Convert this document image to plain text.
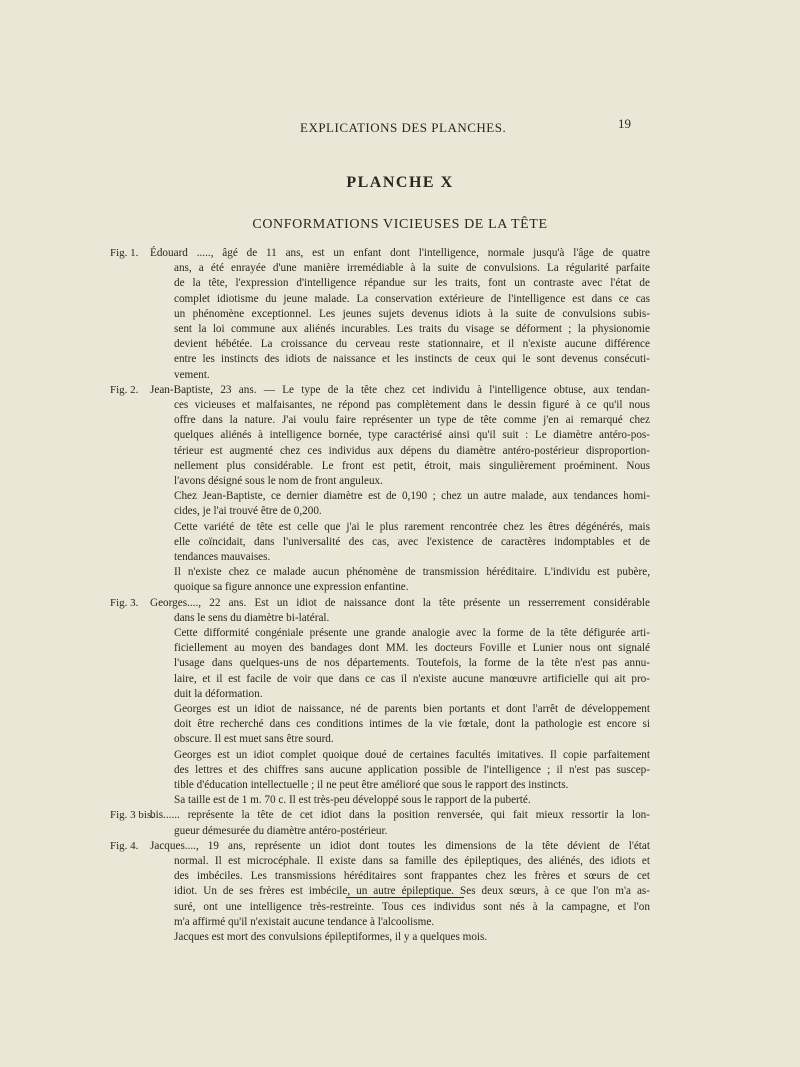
EXPLICATIONS DES PLANCHES.	19
PLANCHE X
CONFORMATIONS VICIEUSES DE LA TÊTE
Fig. 1. Édouard ....., âgé de 11 ans, est un enfant dont l'intelligence, normale jusqu'à l'âge de quatre
ans, a été enrayée d'une manière irremédiable à la suite de convulsions. La régularité parfaite
de la tête, l'expression d'intelligence répandue sur les traits, font un contraste avec l'état de
complet idiotisme du jeune malade. La conservation extérieure de l'intelligence est dans ce cas
un phénomène exceptionnel. Les jeunes sujets devenus idiots à la suite de convulsions subis-
sent la loi commune aux aliénés incurables. Les traits du visage se déforment ; la physionomie
devient hébétée. La croissance du cerveau reste stationnaire, et il n'existe aucune différence
entre les instincts des idiots de naissance et les instincts de ceux qui le sont devenus consécuti-
vement.
Fig. 2. Jean-Baptiste, 23 ans. — Le type de la tête chez cet individu à l'intelligence obtuse, aux tendan-
ces vicieuses et malfaisantes, ne répond pas complètement dans le dessin figuré à ce qu'il nous
offre dans la nature. J'ai voulu faire représenter un type de tête comme j'en ai remarqué chez
quelques aliénés à intelligence bornée, type caractérisé ainsi qu'il suit : Le diamètre antéro-pos-
térieur est augmenté chez ces individus aux dépens du diamètre antéro-postérieur disproportion-
nellement plus considérable. Le front est petit, étroit, mais singulièrement proéminent. Nous
l'avons désigné sous le nom de front anguleux.
Chez Jean-Baptiste, ce dernier diamètre est de 0,190 ; chez un autre malade, aux tendances homi-
cides, je l'ai trouvé être de 0,200.
Cette variété de tête est celle que j'ai le plus rarement rencontrée chez les êtres dégénérés, mais
elle coïncidait, dans l'universalité des cas, avec l'existence de caractères indomptables et de
tendances mauvaises.
Il n'existe chez ce malade aucun phénomène de transmission héréditaire. L'individu est pubère,
quoique sa figure annonce une expression enfantine.
Fig. 3. Georges...., 22 ans. Est un idiot de naissance dont la tête présente un resserrement considérable
dans le sens du diamètre bi-latéral.
Cette difformité congéniale présente une grande analogie avec la forme de la tête défigurée arti-
ficiellement au moyen des bandages dont MM. les docteurs Foville et Lunier nous ont signalé
l'usage dans quelques-uns de nos départements. Toutefois, la forme de la tête n'est pas annu-
laire, et il est facile de voir que dans ce cas il n'existe aucune manœuvre artificielle qui ait pro-
duit la déformation.
Georges est un idiot de naissance, né de parents bien portants et dont l'arrêt de développement
doit être recherché dans ces conditions intimes de la vie fœtale, dont la pathologie est encore si
obscure. Il est muet sans être sourd.
Georges est un idiot complet quoique doué de certaines facultés imitatives. Il copie parfaitement
des lettres et des chiffres sans aucune application possible de l'intelligence ; il n'est pas suscep-
tible d'éducation intellectuelle ; il ne peut être amélioré que sous le rapport des instincts.
Sa taille est de 1 m. 70 c. Il est très-peu développé sous le rapport de la puberté.
Fig. 3 bis.
bis...... représente la tête de cet idiot dans la position renversée, qui fait mieux ressortir la lon-
gueur démesurée du diamètre antéro-postérieur.
Fig. 4. Jacques...., 19 ans, représente un idiot dont toutes les dimensions de la tête dévient de l'état
normal. Il est microcéphale. Il existe dans sa famille des épileptiques, des aliénés, des idiots et
des imbéciles. Les transmissions héréditaires sont frappantes chez les frères et sœurs de cet
idiot. Un de ses frères est imbécile, un autre épileptique. Ses deux sœurs, à ce que l'on m'a as-
suré, ont une intelligence très-restreinte. Tous ces individus sont nés à la campagne, et l'on
m'a affirmé qu'il n'existait aucune tendance à l'alcoolisme.
Jacques est mort des convulsions épileptiformes, il y a quelques mois.
